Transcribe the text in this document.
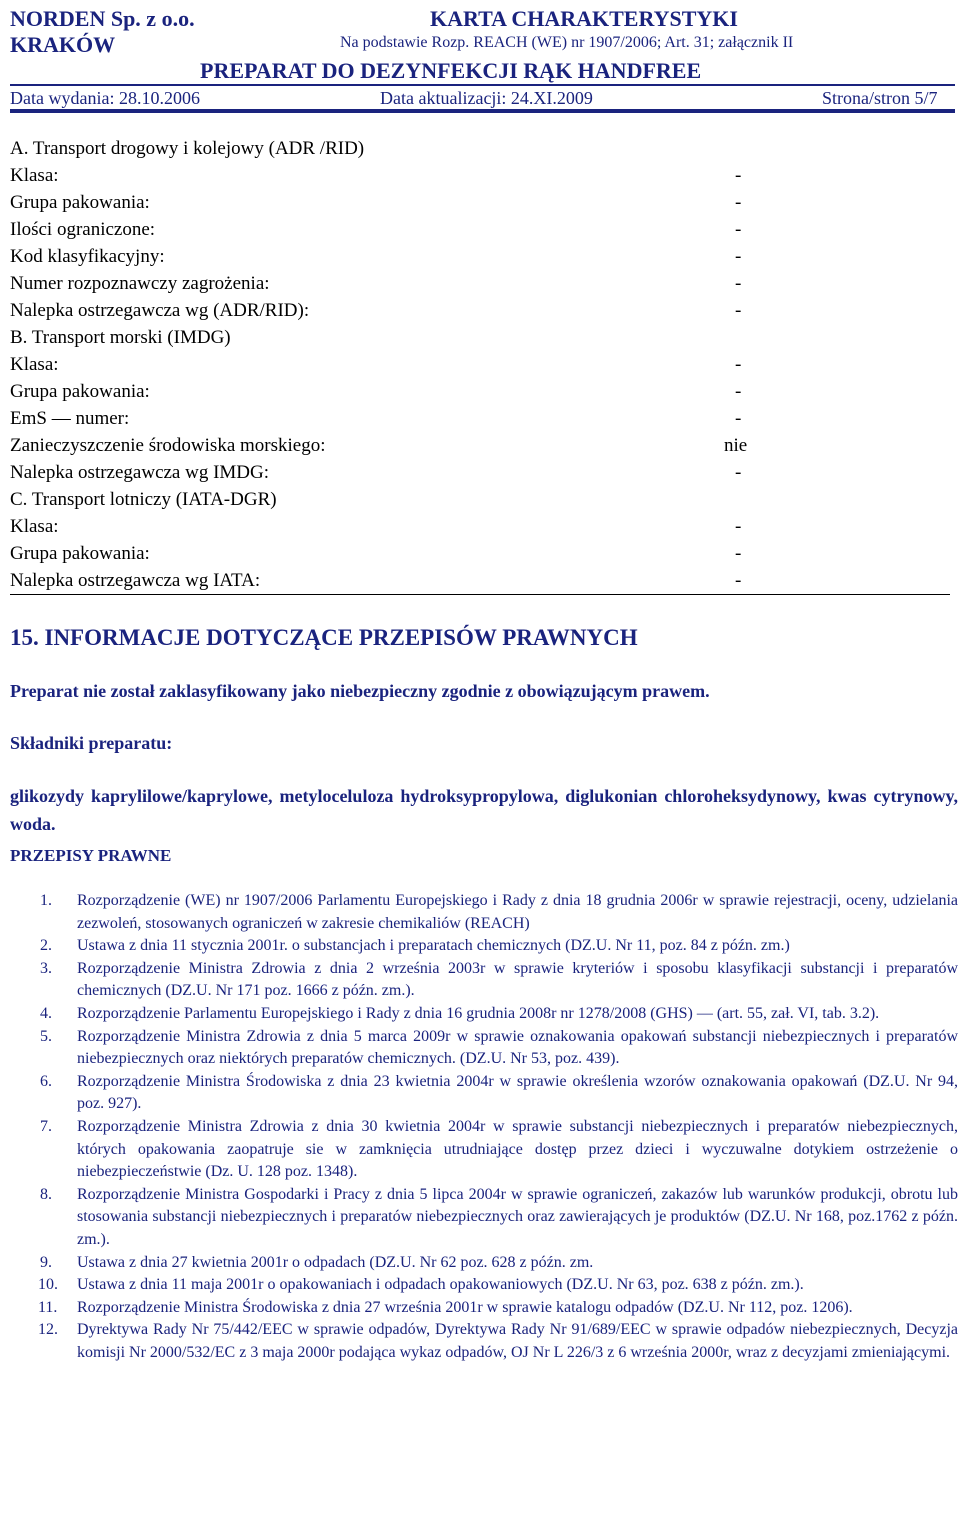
NORDEN Sp. z o.o.
KRAKÓW
KARTA CHARAKTERYSTYKI
Na podstawie Rozp. REACH (WE) nr 1907/2006; Art. 31; załącznik II
PREPARAT DO DEZYNFEKCJI RĄK HANDFREE
Data wydania: 28.10.2006	Data aktualizacji: 24.XI.2009	Strona/stron 5/7
A. Transport drogowy i kolejowy (ADR /RID)
Klasa:	-
Grupa pakowania:	-
Ilości ograniczone:	-
Kod klasyfikacyjny:	-
Numer rozpoznawczy zagrożenia:	-
Nalepka ostrzegawcza wg (ADR/RID):	-
B. Transport morski (IMDG)
Klasa:	-
Grupa pakowania:	-
EmS — numer:	-
Zanieczyszczenie środowiska morskiego:	nie
Nalepka ostrzegawcza wg IMDG:	-
C. Transport lotniczy (IATA-DGR)
Klasa:	-
Grupa pakowania:	-
Nalepka ostrzegawcza wg IATA:	-
15. INFORMACJE DOTYCZĄCE PRZEPISÓW PRAWNYCH
Preparat nie został zaklasyfikowany jako niebezpieczny zgodnie z obowiązującym prawem.
Składniki preparatu:
glikozydy kaprylilowe/kaprylowe, metyloceluloza hydroksypropylowa, diglukonian chloroheksydynowy, kwas cytrynowy, woda.
PRZEPISY PRAWNE
1. Rozporządzenie (WE) nr 1907/2006 Parlamentu Europejskiego i Rady z dnia 18 grudnia 2006r w sprawie rejestracji, oceny, udzielania zezwoleń, stosowanych ograniczeń w zakresie chemikaliów (REACH)
2. Ustawa z dnia 11 stycznia 2001r. o substancjach i preparatach chemicznych (DZ.U. Nr 11, poz. 84 z późn. zm.)
3. Rozporządzenie Ministra Zdrowia z dnia 2 września 2003r w sprawie kryteriów i sposobu klasyfikacji substancji i preparatów chemicznych (DZ.U. Nr 171 poz. 1666 z późn. zm.).
4. Rozporządzenie Parlamentu Europejskiego i Rady z dnia 16 grudnia 2008r nr 1278/2008 (GHS) — (art. 55, zał. VI, tab. 3.2).
5. Rozporządzenie Ministra Zdrowia z dnia 5 marca 2009r w sprawie oznakowania opakowań substancji niebezpiecznych i preparatów niebezpiecznych oraz niektórych preparatów chemicznych. (DZ.U. Nr 53, poz. 439).
6. Rozporządzenie Ministra Środowiska z dnia 23 kwietnia 2004r w sprawie określenia wzorów oznakowania opakowań (DZ.U. Nr 94, poz. 927).
7. Rozporządzenie Ministra Zdrowia z dnia 30 kwietnia 2004r w sprawie substancji niebezpiecznych i preparatów niebezpiecznych, których opakowania zaopatruje sie w zamknięcia utrudniające dostęp przez dzieci i wyczuwalne dotykiem ostrzeżenie o niebezpieczeństwie (Dz. U. 128 poz. 1348).
8. Rozporządzenie Ministra Gospodarki i Pracy z dnia 5 lipca 2004r w sprawie ograniczeń, zakazów lub warunków produkcji, obrotu lub stosowania substancji niebezpiecznych i preparatów niebezpiecznych oraz zawierających je produktów (DZ.U. Nr 168, poz.1762 z późn. zm.).
9. Ustawa z dnia 27 kwietnia 2001r o odpadach (DZ.U. Nr 62 poz. 628 z późn. zm.
10. Ustawa z dnia 11 maja 2001r o opakowaniach i odpadach opakowaniowych (DZ.U. Nr 63, poz. 638 z późn. zm.).
11. Rozporządzenie Ministra Środowiska z dnia 27 września 2001r w sprawie katalogu odpadów (DZ.U. Nr 112, poz. 1206).
12. Dyrektywa Rady Nr 75/442/EEC w sprawie odpadów, Dyrektywa Rady Nr 91/689/EEC w sprawie odpadów niebezpiecznych, Decyzja komisji Nr 2000/532/EC z 3 maja 2000r podająca wykaz odpadów, OJ Nr L 226/3 z 6 września 2000r, wraz z decyzjami zmieniającymi.
